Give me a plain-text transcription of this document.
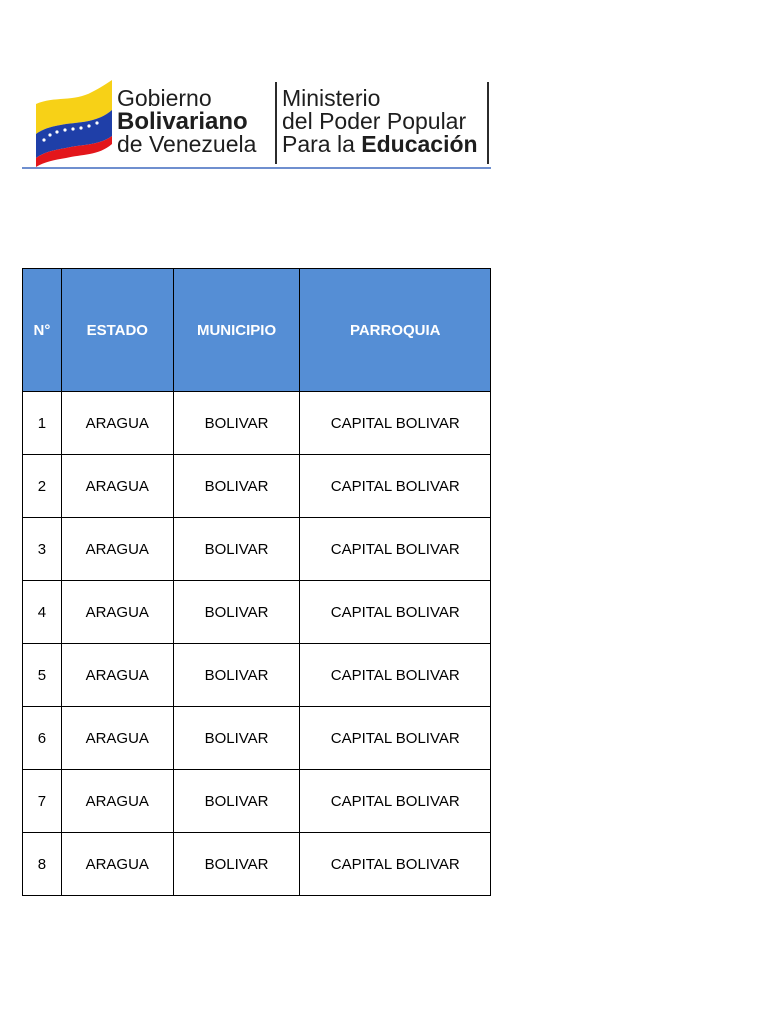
Gobierno
Bolivariano
de Venezuela
Ministerio
del Poder Popular
Para la Educación
N°	ESTADO	MUNICIPIO	PARROQUIA
1	ARAGUA	BOLIVAR	CAPITAL BOLIVAR
2	ARAGUA	BOLIVAR	CAPITAL BOLIVAR
3	ARAGUA	BOLIVAR	CAPITAL BOLIVAR
4	ARAGUA	BOLIVAR	CAPITAL BOLIVAR
5	ARAGUA	BOLIVAR	CAPITAL BOLIVAR
6	ARAGUA	BOLIVAR	CAPITAL BOLIVAR
7	ARAGUA	BOLIVAR	CAPITAL BOLIVAR
8	ARAGUA	BOLIVAR	CAPITAL BOLIVAR
